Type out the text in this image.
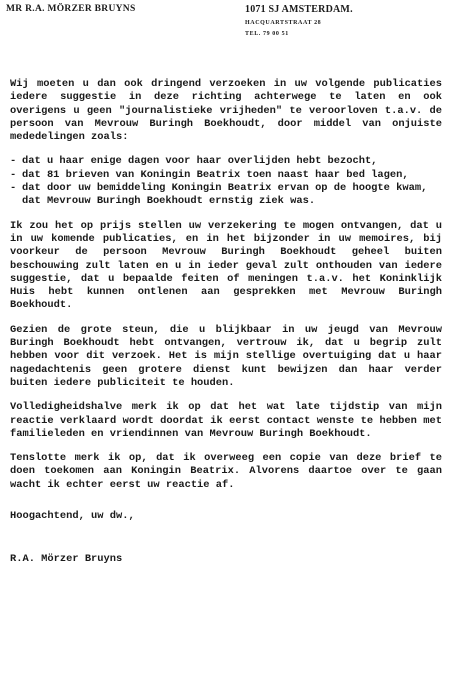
MR R.A. MÖRZER BRUYNS	1071 SJ AMSTERDAM.
HACQUARTSTRAAT 28
TEL. 79 00 51

Wij moeten u dan ook dringend verzoeken in uw volgende publicaties iedere suggestie in deze richting achterwege te laten en ook overigens u geen "journalistieke vrijheden" te veroorloven t.a.v. de persoon van Mevrouw Buringh Boekhoudt, door middel van onjuiste mededelingen zoals:

- dat u haar enige dagen voor haar overlijden hebt bezocht,
- dat 81 brieven van Koningin Beatrix toen naast haar bed lagen,
- dat door uw bemiddeling Koningin Beatrix ervan op de hoogte kwam, dat Mevrouw Buringh Boekhoudt ernstig ziek was.

Ik zou het op prijs stellen uw verzekering te mogen ontvangen, dat u in uw komende publicaties, en in het bijzonder in uw memoires, bij voorkeur de persoon Mevrouw Buringh Boekhoudt geheel buiten beschouwing zult laten en u in ieder geval zult onthouden van iedere suggestie, dat u bepaalde feiten of meningen t.a.v. het Koninklijk Huis hebt kunnen ontlenen aan gesprekken met Mevrouw Buringh Boekhoudt.

Gezien de grote steun, die u blijkbaar in uw jeugd van Mevrouw Buringh Boekhoudt hebt ontvangen, vertrouw ik, dat u begrip zult hebben voor dit verzoek. Het is mijn stellige overtuiging dat u haar nagedachtenis geen grotere dienst kunt bewijzen dan haar verder buiten iedere publiciteit te houden.

Volledigheidshalve merk ik op dat het wat late tijdstip van mijn reactie verklaard wordt doordat ik eerst contact wenste te hebben met familieleden en vriendinnen van Mevrouw Buringh Boekhoudt.

Tenslotte merk ik op, dat ik overweeg een copie van deze brief te doen toekomen aan Koningin Beatrix. Alvorens daartoe over te gaan wacht ik echter eerst uw reactie af.

Hoogachtend, uw dw.,

R.A. Mörzer Bruyns
